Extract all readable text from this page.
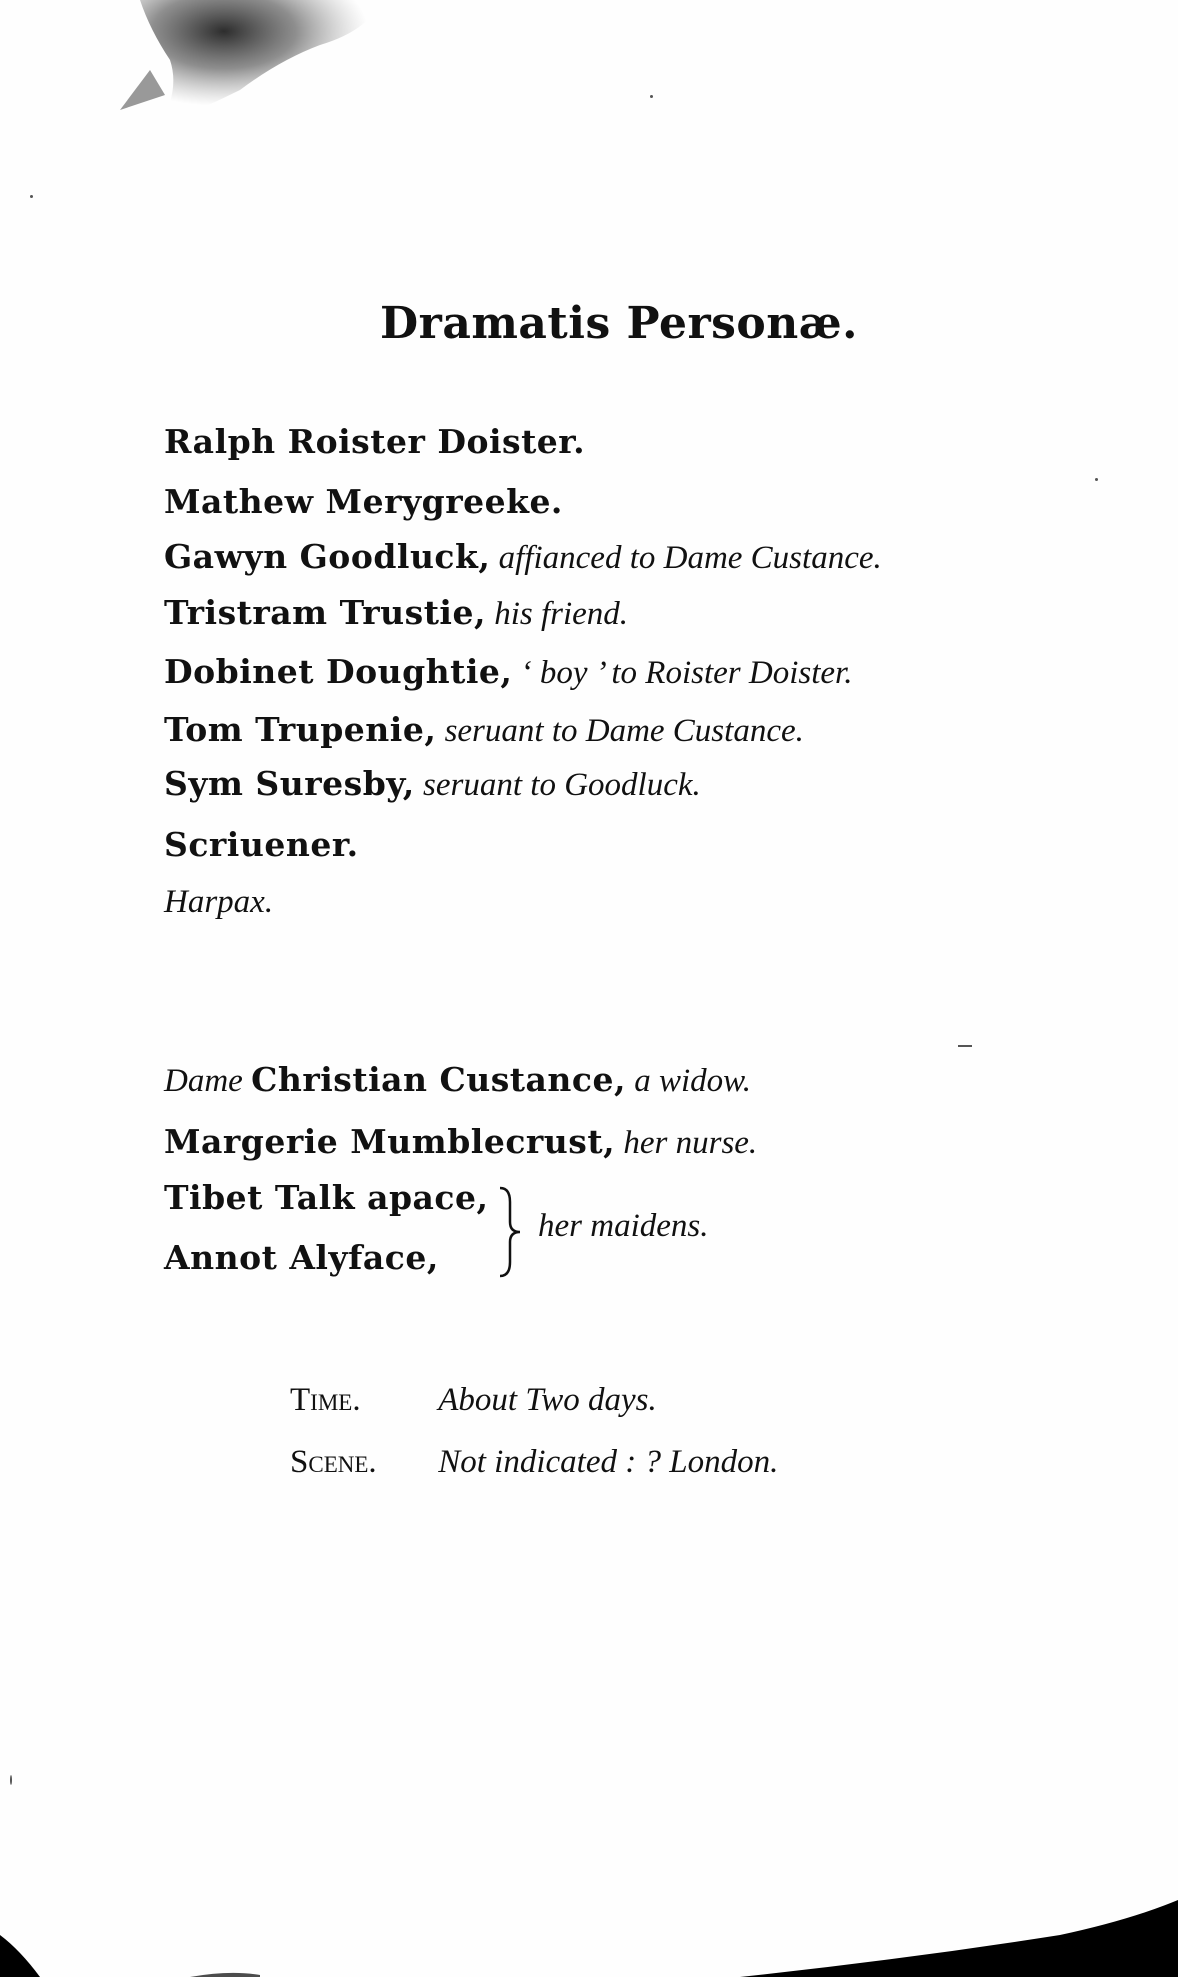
Dramatis Personæ.
Ralph Roister Doister.
Mathew Merygreeke.
Gawyn Goodluck, affianced to Dame Custance.
Tristram Trustie, his friend.
Dobinet Doughtie, ‘ boy ’ to Roister Doister.
Tom Trupenie, seruant to Dame Custance.
Sym Suresby, seruant to Goodluck.
Scriuener.
Harpax.
Dame Christian Custance, a widow.
Margerie Mumblecrust, her nurse.
Tibet Talk apace,
Annot Alyface,
her maidens.
Time. About Two days.
Scene. Not indicated : ? London.
